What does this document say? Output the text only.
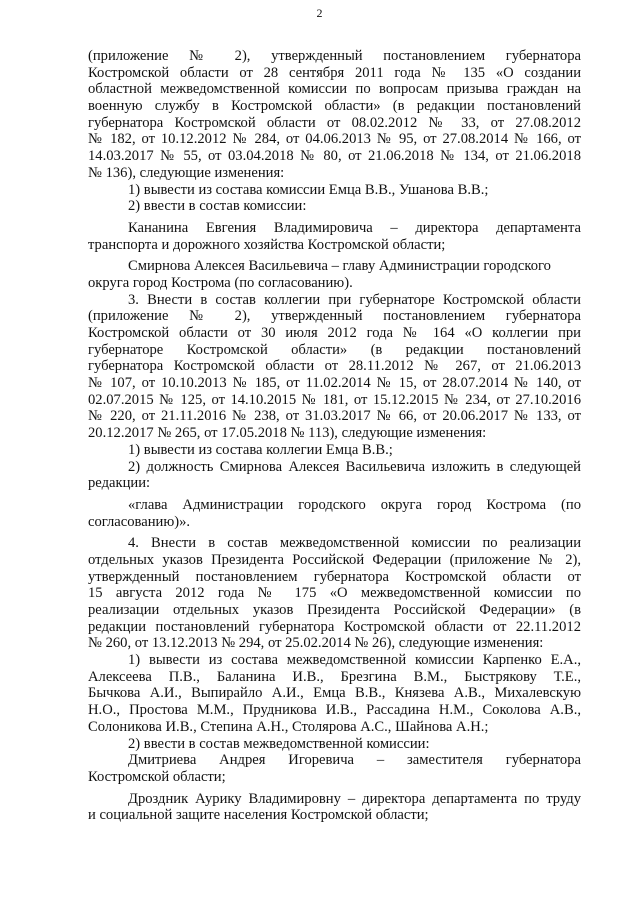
2
(приложение № 2), утвержденный постановлением губернатора
Костромской области от 28 сентября 2011 года № 135 «О создании
областной межведомственной комиссии по вопросам призыва граждан на
военную службу в Костромской области» (в редакции постановлений
губернатора Костромской области от 08.02.2012 № 33, от 27.08.2012
№ 182, от 10.12.2012 № 284, от 04.06.2013 № 95, от 27.08.2014 № 166, от
14.03.2017 № 55, от 03.04.2018 № 80, от 21.06.2018 № 134, от 21.06.2018
№ 136), следующие изменения:
1) вывести из состава комиссии Емца В.В., Ушанова В.В.;
2) ввести в состав комиссии:
Кананина Евгения Владимировича – директора департамента
транспорта и дорожного хозяйства Костромской области;
Смирнова Алексея Васильевича – главу Администрации городского
округа город Кострома (по согласованию).
3. Внести в состав коллегии при губернаторе Костромской области
(приложение № 2), утвержденный постановлением губернатора
Костромской области от 30 июля 2012 года № 164 «О коллегии при
губернаторе Костромской области» (в редакции постановлений
губернатора Костромской области от 28.11.2012 № 267, от 21.06.2013
№ 107, от 10.10.2013 № 185, от 11.02.2014 № 15, от 28.07.2014 № 140, от
02.07.2015 № 125, от 14.10.2015 № 181, от 15.12.2015 № 234, от 27.10.2016
№ 220, от 21.11.2016 № 238, от 31.03.2017 № 66, от 20.06.2017 № 133, от
20.12.2017 № 265, от 17.05.2018 № 113), следующие изменения:
1) вывести из состава коллегии Емца В.В.;
2) должность Смирнова Алексея Васильевича изложить в следующей
редакции:
«глава Администрации городского округа город Кострома (по
согласованию)».
4. Внести в состав межведомственной комиссии по реализации
отдельных указов Президента Российской Федерации (приложение № 2),
утвержденный постановлением губернатора Костромской области от
15 августа 2012 года № 175 «О межведомственной комиссии по
реализации отдельных указов Президента Российской Федерации» (в
редакции постановлений губернатора Костромской области от 22.11.2012
№ 260, от 13.12.2013 № 294, от 25.02.2014 № 26), следующие изменения:
1) вывести из состава межведомственной комиссии Карпенко Е.А.,
Алексеева П.В., Баланина И.В., Брезгина В.М., Быстрякову Т.Е.,
Бычкова А.И., Выпирайло А.И., Емца В.В., Князева А.В., Михалевскую
Н.О., Простова М.М., Прудникова И.В., Рассадина Н.М., Соколова А.В.,
Солоникова И.В., Степина А.Н., Столярова А.С., Шайнова А.Н.;
2) ввести в состав межведомственной комиссии:
Дмитриева Андрея Игоревича – заместителя губернатора
Костромской области;
Дроздник Аурику Владимировну – директора департамента по труду
и социальной защите населения Костромской области;
